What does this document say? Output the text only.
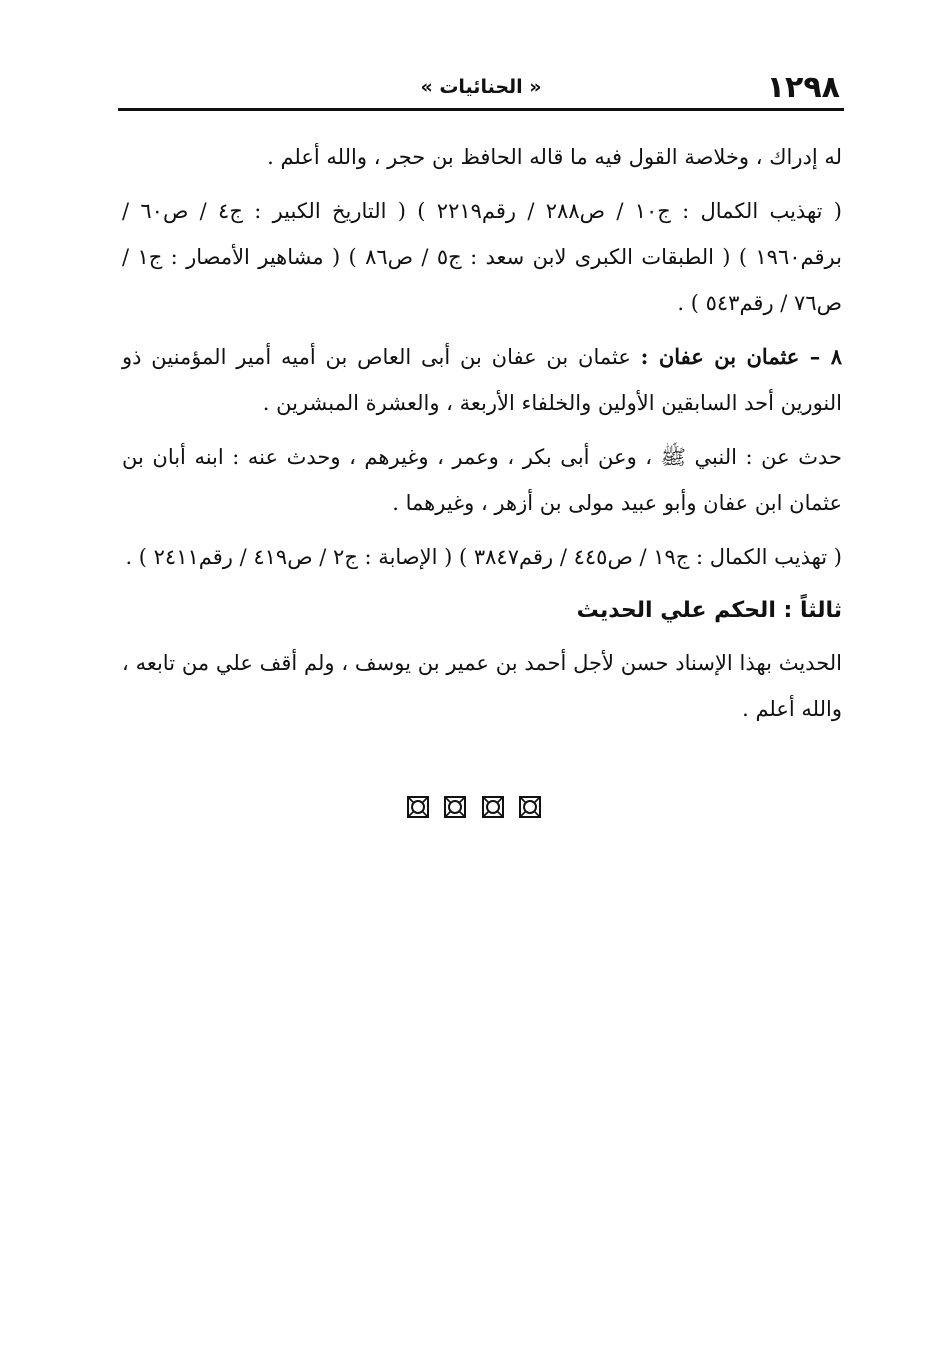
١٢٩٨
« الحنائيات »

له إدراك ، وخلاصة القول فيه ما قاله الحافظ بن حجر ، والله أعلم .

( تهذيب الكمال : ج١٠ / ص٢٨٨ / رقم٢٢١٩ ) ( التاريخ الكبير : ج٤ / ص٦٠ / برقم١٩٦٠ ) ( الطبقات الكبرى لابن سعد : ج٥ / ص٨٦ ) ( مشاهير الأمصار : ج١ / ص٧٦ / رقم٥٤٣ ) .

٨ – عثمان بن عفان : عثمان بن عفان بن أبى العاص بن أميه أمير المؤمنين ذو النورين أحد السابقين الأولين والخلفاء الأربعة ، والعشرة المبشرين .

حدث عن : النبي ﷺ ، وعن أبى بكر ، وعمر ، وغيرهم ، وحدث عنه : ابنه أبان بن عثمان ابن عفان وأبو عبيد مولى بن أزهر ، وغيرهما .

( تهذيب الكمال : ج١٩ / ص٤٤٥ / رقم٣٨٤٧ ) ( الإصابة : ج٢ / ص٤١٩ / رقم٢٤١١ ) .

ثالثاً : الحكم علي الحديث

الحديث بهذا الإسناد حسن لأجل أحمد بن عمير بن يوسف ، ولم أقف علي من تابعه ، والله أعلم .
